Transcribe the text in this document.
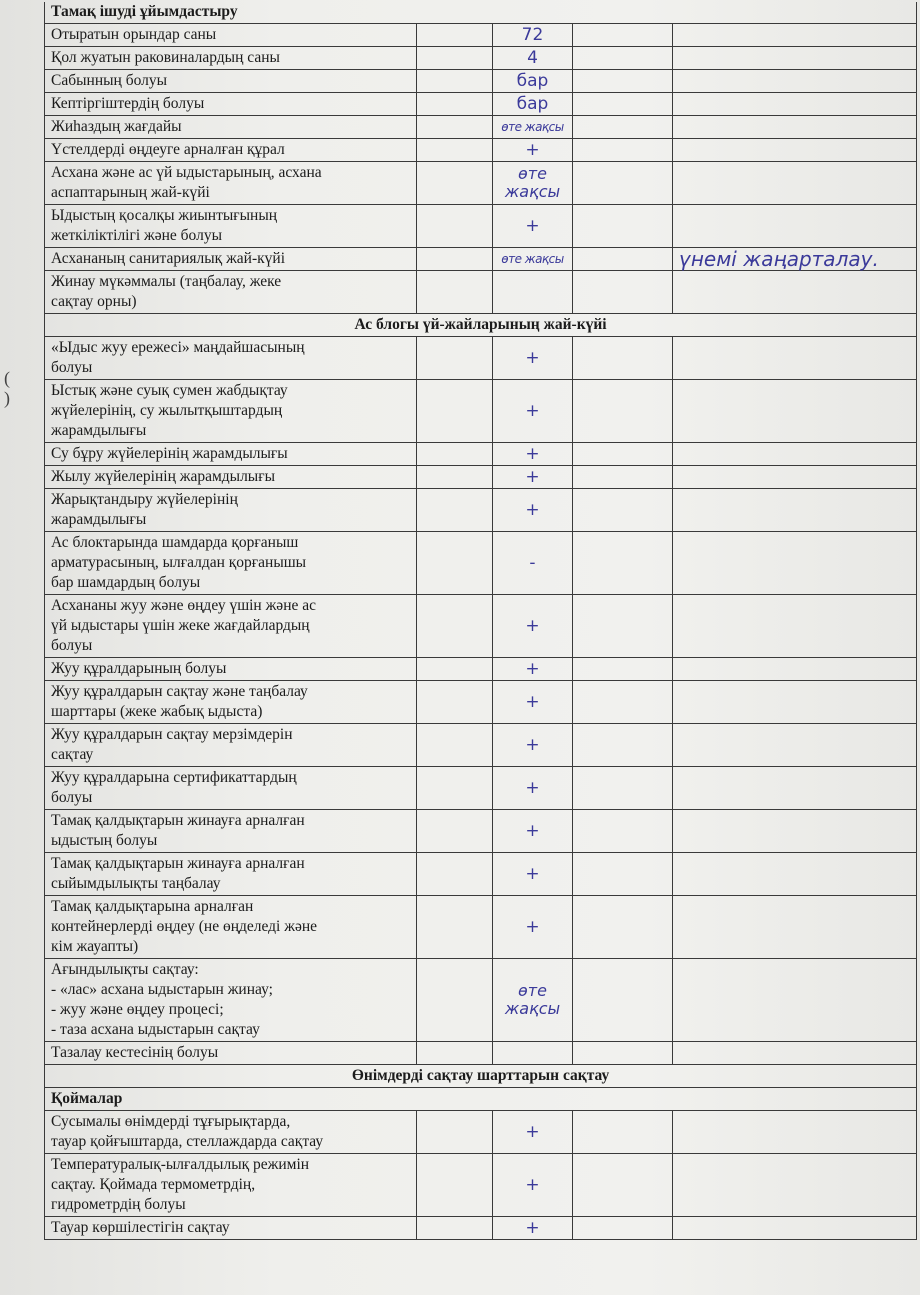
(
)
Тамақ ішуді ұйымдастыру				

Отыратын орындар саны		72		

Қол жуатын раковиналардың саны		4		

Сабынның болуы		бар		

Кептіргіштердің болуы		бар		

Жиһаздың жағдайы		өте жақсы		

Үстелдерді өңдеуге арналған құрал		+		

Асхана және ас үй ыдыстарының, асхана
аспаптарының жай-күйі		өте жақсы		

Ыдыстың қосалқы жиынтығының
жеткіліктілігі және болуы		+		

Асхананың санитариялық жай-күйі		өте жақсы		үнемі жаңарталау.

Жинау мүкәммалы (таңбалау, жеке
сақтау орны)				

Ас блогы үй-жайларының жай-күйі				

«Ыдыс жуу ережесі» маңдайшасының
болуы		+		

Ыстық және суық сумен жабдықтау
жүйелерінің, су жылытқыштардың
жарамдылығы		+		

Су бұру жүйелерінің жарамдылығы		+		

Жылу жүйелерінің жарамдылығы		+		

Жарықтандыру жүйелерінің
жарамдылығы		+		

Ас блоктарында шамдарда қорғаныш
арматурасының, ылғалдан қорғанышы
бар шамдардың болуы		-		

Асхананы жуу және өңдеу үшін және ас
үй ыдыстары үшін жеке жағдайлардың
болуы		+		

Жуу құралдарының болуы		+		

Жуу құралдарын сақтау және таңбалау
шарттары (жеке жабық ыдыста)		+		

Жуу құралдарын сақтау мерзімдерін
сақтау		+		

Жуу құралдарына сертификаттардың
болуы		+		

Тамақ қалдықтарын жинауға арналған
ыдыстың болуы		+		

Тамақ қалдықтарын жинауға арналған
сыйымдылықты таңбалау		+		

Тамақ қалдықтарына арналған
контейнерлерді өңдеу (не өңделеді және
кім жауапты)		+		

Ағындылықты сақтау:
- «лас» асхана ыдыстарын жинау;
- жуу және өңдеу процесі;
- таза асхана ыдыстарын сақтау		өте жақсы		

Тазалау кестесінің болуы				

Өнімдерді сақтау шарттарын сақтау				
Қоймалар				

Сусымалы өнімдерді тұғырықтарда,
тауар қойғыштарда, стеллаждарда сақтау		+		

Температуралық-ылғалдылық режимін
сақтау. Қоймада термометрдің,
гидрометрдің болуы		+		

Тауар көршілестігін сақтау		+		
